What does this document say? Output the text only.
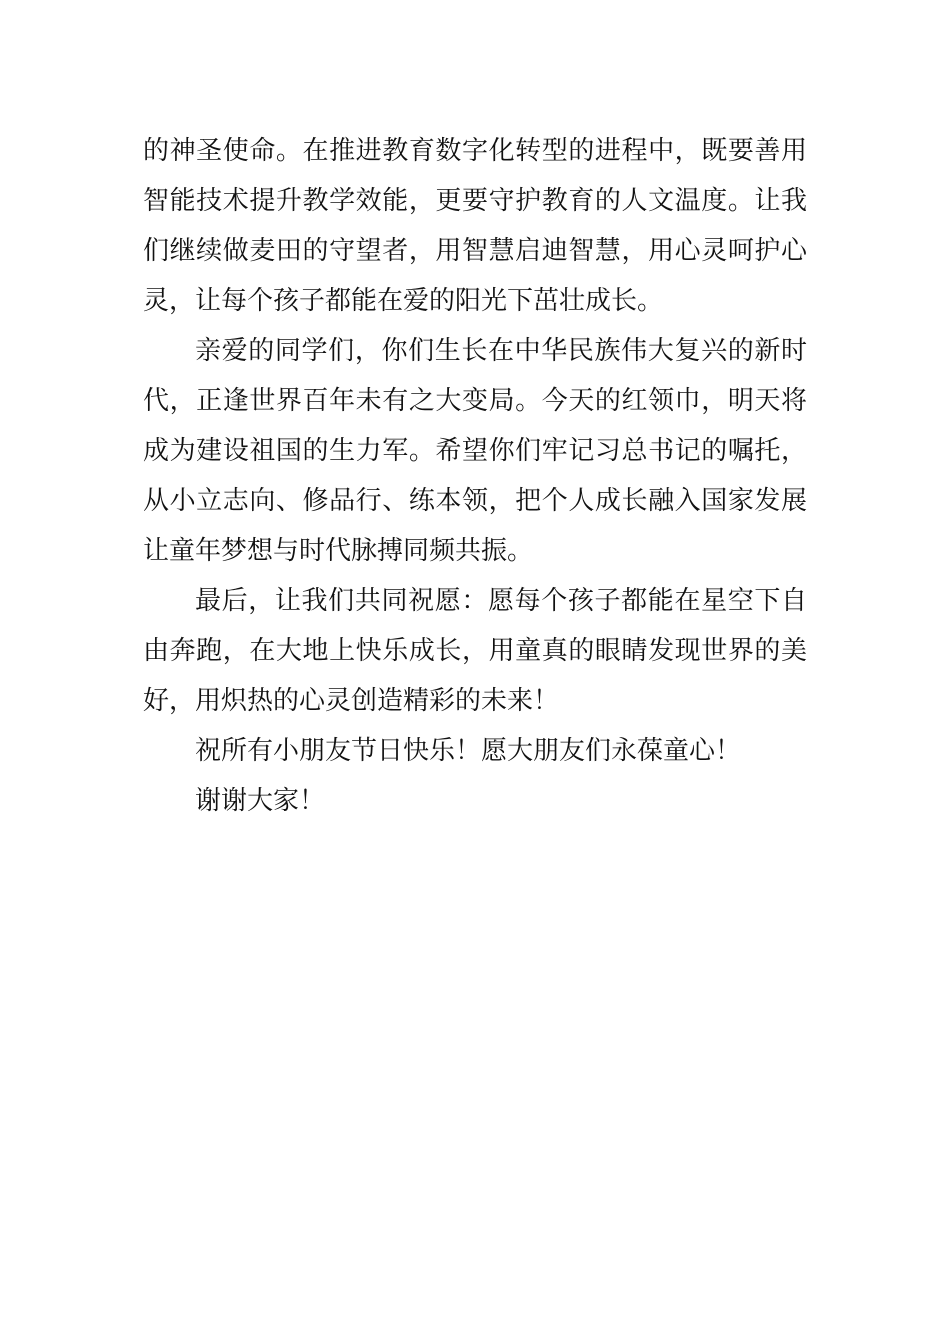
的神圣使命。在推进教育数字化转型的进程中，既要善用
智能技术提升教学效能，更要守护教育的人文温度。让我
们继续做麦田的守望者，用智慧启迪智慧，用心灵呵护心
灵，让每个孩子都能在爱的阳光下茁壮成长。
亲爱的同学们，你们生长在中华民族伟大复兴的新时
代，正逢世界百年未有之大变局。今天的红领巾，明天将
成为建设祖国的生力军。希望你们牢记习总书记的嘱托，
从小立志向、修品行、练本领，把个人成长融入国家发展
让童年梦想与时代脉搏同频共振。
最后，让我们共同祝愿：愿每个孩子都能在星空下自
由奔跑，在大地上快乐成长，用童真的眼睛发现世界的美
好，用炽热的心灵创造精彩的未来！
祝所有小朋友节日快乐！愿大朋友们永葆童心！
谢谢大家！
